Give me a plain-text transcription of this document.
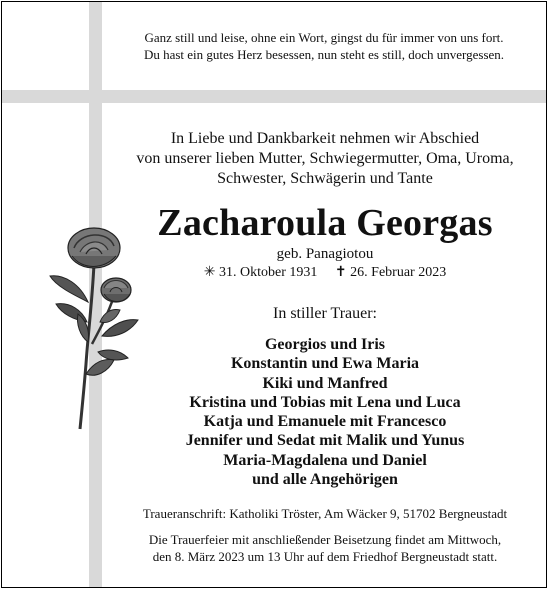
Ganz still und leise, ohne ein Wort, gingst du für immer von uns fort.
Du hast ein gutes Herz besessen, nun steht es still, doch unvergessen.
In Liebe und Dankbarkeit nehmen wir Abschied
von unserer lieben Mutter, Schwiegermutter, Oma, Uroma,
Schwester, Schwägerin und Tante
Zacharoula Georgas
geb. Panagiotou
✳ 31. Oktober 1931 ✝ 26. Februar 2023
In stiller Trauer:
Georgios und Iris
Konstantin und Ewa Maria
Kiki und Manfred
Kristina und Tobias mit Lena und Luca
Katja und Emanuele mit Francesco
Jennifer und Sedat mit Malik und Yunus
Maria-Magdalena und Daniel
und alle Angehörigen
Traueranschrift: Katholiki Tröster, Am Wäcker 9, 51702 Bergneustadt
Die Trauerfeier mit anschließender Beisetzung findet am Mittwoch,
den 8. März 2023 um 13 Uhr auf dem Friedhof Bergneustadt statt.
